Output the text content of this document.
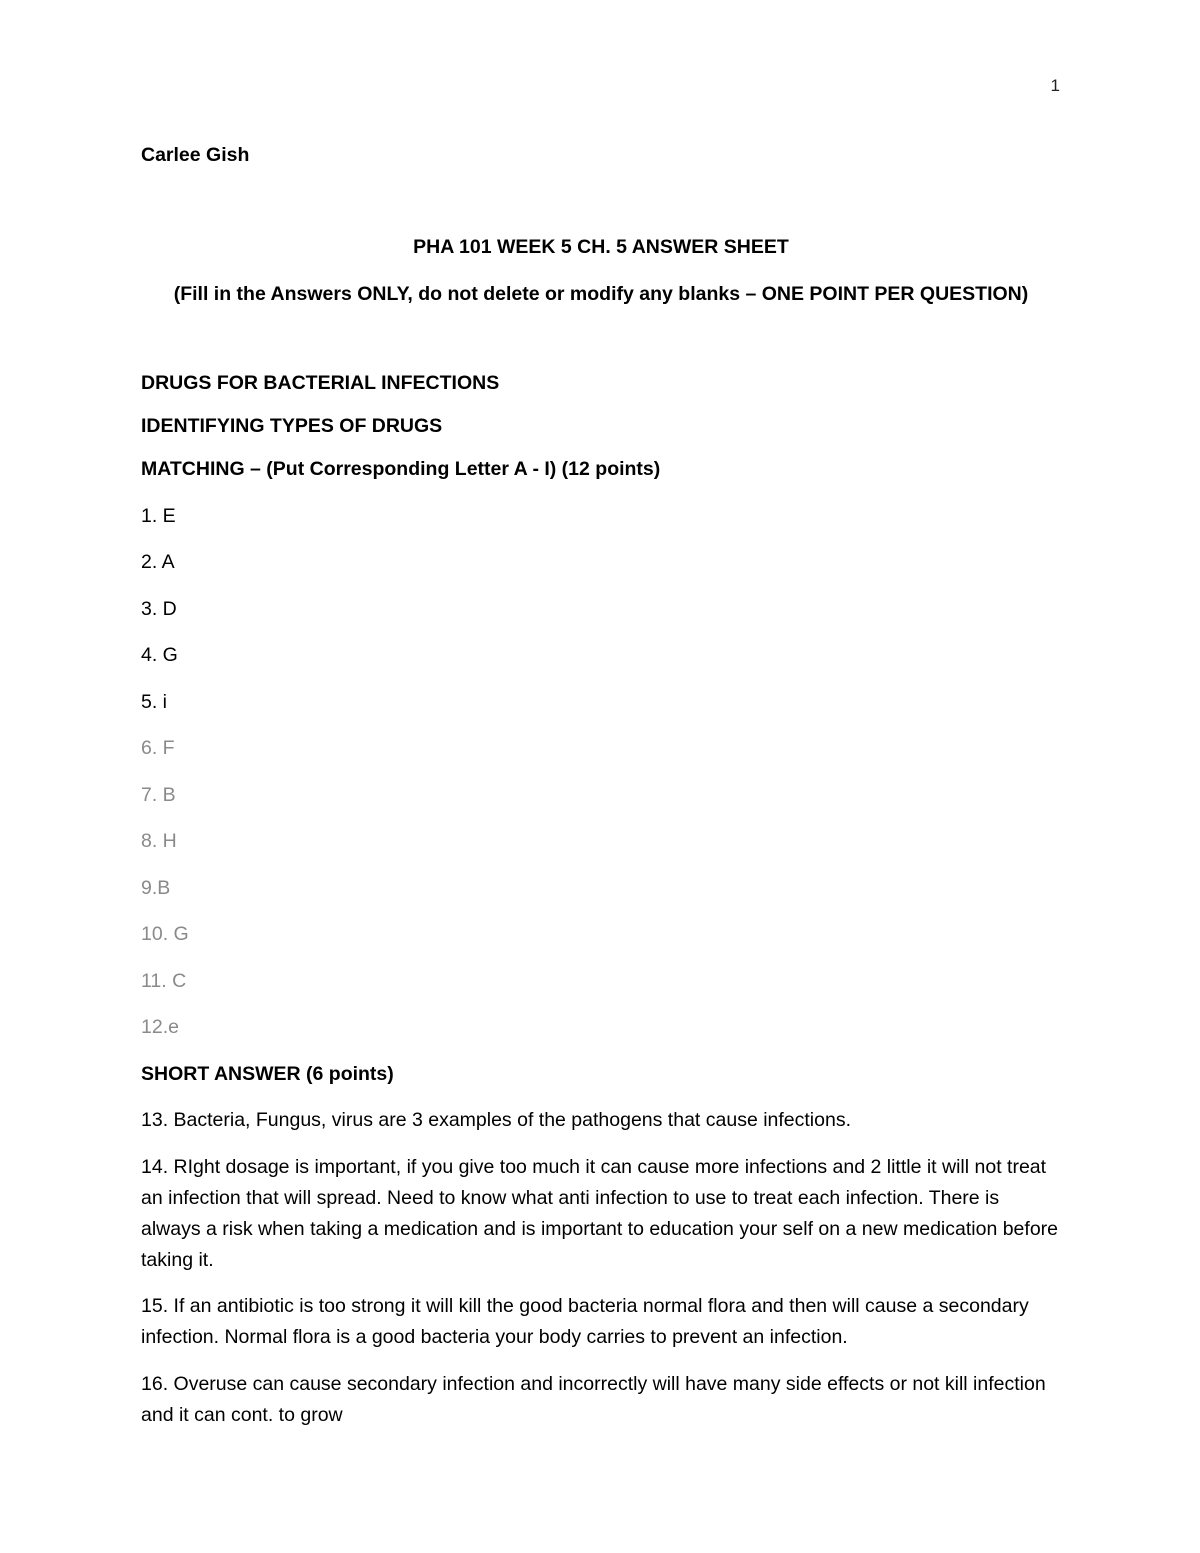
1

Carlee Gish

PHA 101 WEEK 5 CH. 5 ANSWER SHEET

(Fill in the Answers ONLY, do not delete or modify any blanks – ONE POINT PER QUESTION)

DRUGS FOR BACTERIAL INFECTIONS

IDENTIFYING TYPES OF DRUGS

MATCHING – (Put Corresponding Letter A - I) (12 points)

1. E

2. A

3. D

4. G

5. i

6. F

7. B

8. H

9.B

10. G

11. C

12.e

SHORT ANSWER (6 points)

13. Bacteria, Fungus, virus are 3 examples of the pathogens that cause infections.

14. RIght dosage is important, if you give too much it can cause more infections and 2 little it will not treat an infection that will spread. Need to know what anti infection to use to treat each infection. There is always a risk when taking a medication and is important to education your self on a new medication before taking it.

15. If an antibiotic is too strong it will kill the good bacteria normal flora and then will cause a secondary infection. Normal flora is a good bacteria your body carries to prevent an infection.

16. Overuse can cause secondary infection and incorrectly will have many side effects or not kill infection and it can cont. to grow
